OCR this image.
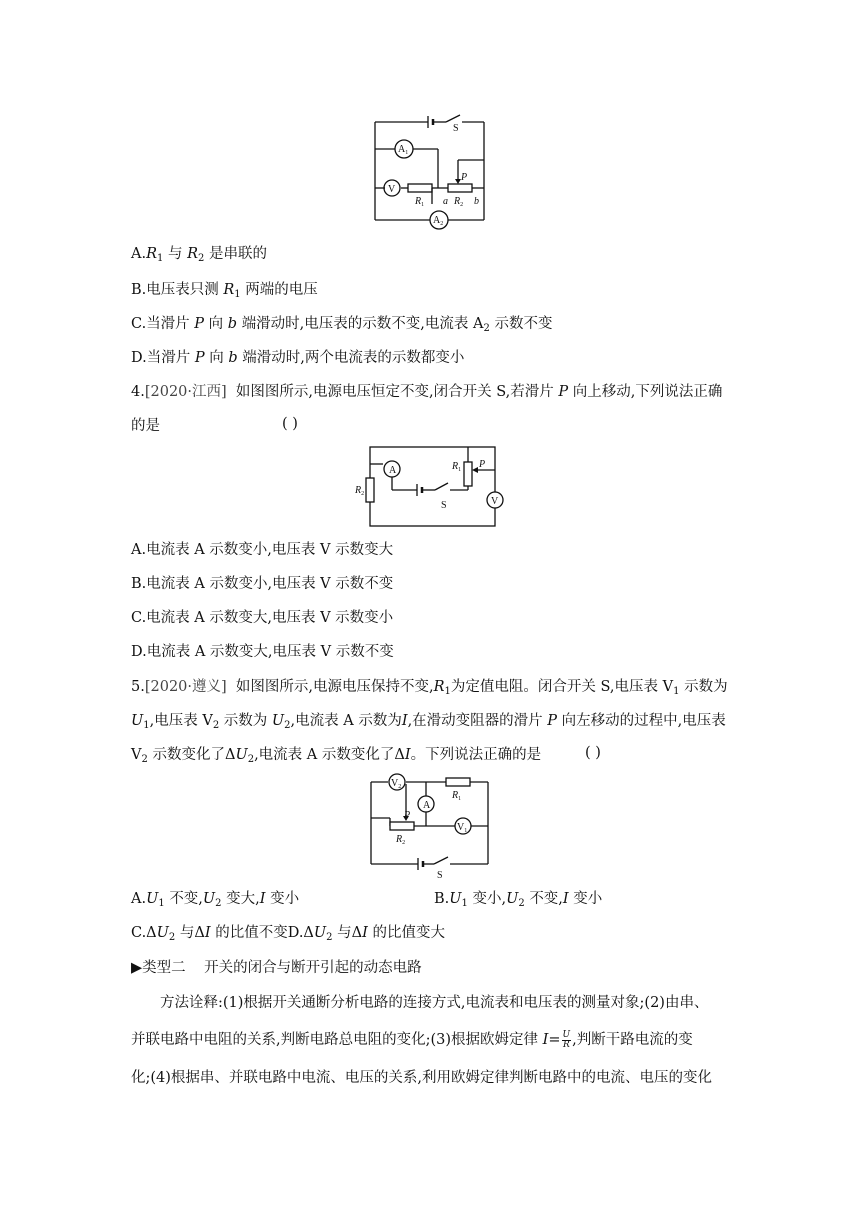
S
$A_1$
V
P
$R_1$ a $R_2$ b
$A_2$
$A.R_1$ 与 $R_2$ 是串联的
B.电压表只测 $R_1$ 两端的电压
C.当滑片 P 向 b 端滑动时,电压表的示数不变,电流表 $A_2$ 示数不变
D.当滑片 P 向 b 端滑动时,两个电流表的示数都变小
4.[2020·江西] 如图图所示,电源电压恒定不变,闭合开关 S,若滑片 P 向上移动,下列说法正确
的是	( )
A	$R_1$ P
$R_2$
V
S
A.电流表 A 示数变小,电压表 V 示数变大
B.电流表 A 示数变小,电压表 V 示数不变
C.电流表 A 示数变大,电压表 V 示数变小
D.电流表 A 示数变大,电压表 V 示数不变
5.[2020·遵义] 如图图所示,电源电压保持不变$,R_1$为定值电阻。闭合开关 S,电压表 $V_1$ 示数为
$U_1$,电压表 $V_2$ 示数为 $U_2$,电流表 A 示数为I,在滑动变阻器的滑片 P 向左移动的过程中,电压表
$V_2$ 示数变化了$\Delta U_2$,电流表 A 示数变化了ΔI。下列说法正确的是	( )
$V_2$
A
$R_1$
P
$R_2$
$V_1$
S
$A.U_1$ 不变$,U_2$ 变大,I 变小	$B.U_1$ 变小$,U_2$ 不变,I 变小
$C.\Delta U_2$ 与ΔI 的比值不变$D.\Delta U_2$ 与ΔI 的比值变大
▶类型二    开关的闭合与断开引起的动态电路
方法诠释:(1)根据开关通断分析电路的连接方式,电流表和电压表的测量对象;(2)由串、
并联电路中电阻的关系,判断电路总电阻的变化;(3)根据欧姆定律 $I= \frac{U}{R}$ ,判断干路电流的变
化;(4)根据串、并联电路中电流、电压的关系,利用欧姆定律判断电路中的电流、电压的变化
